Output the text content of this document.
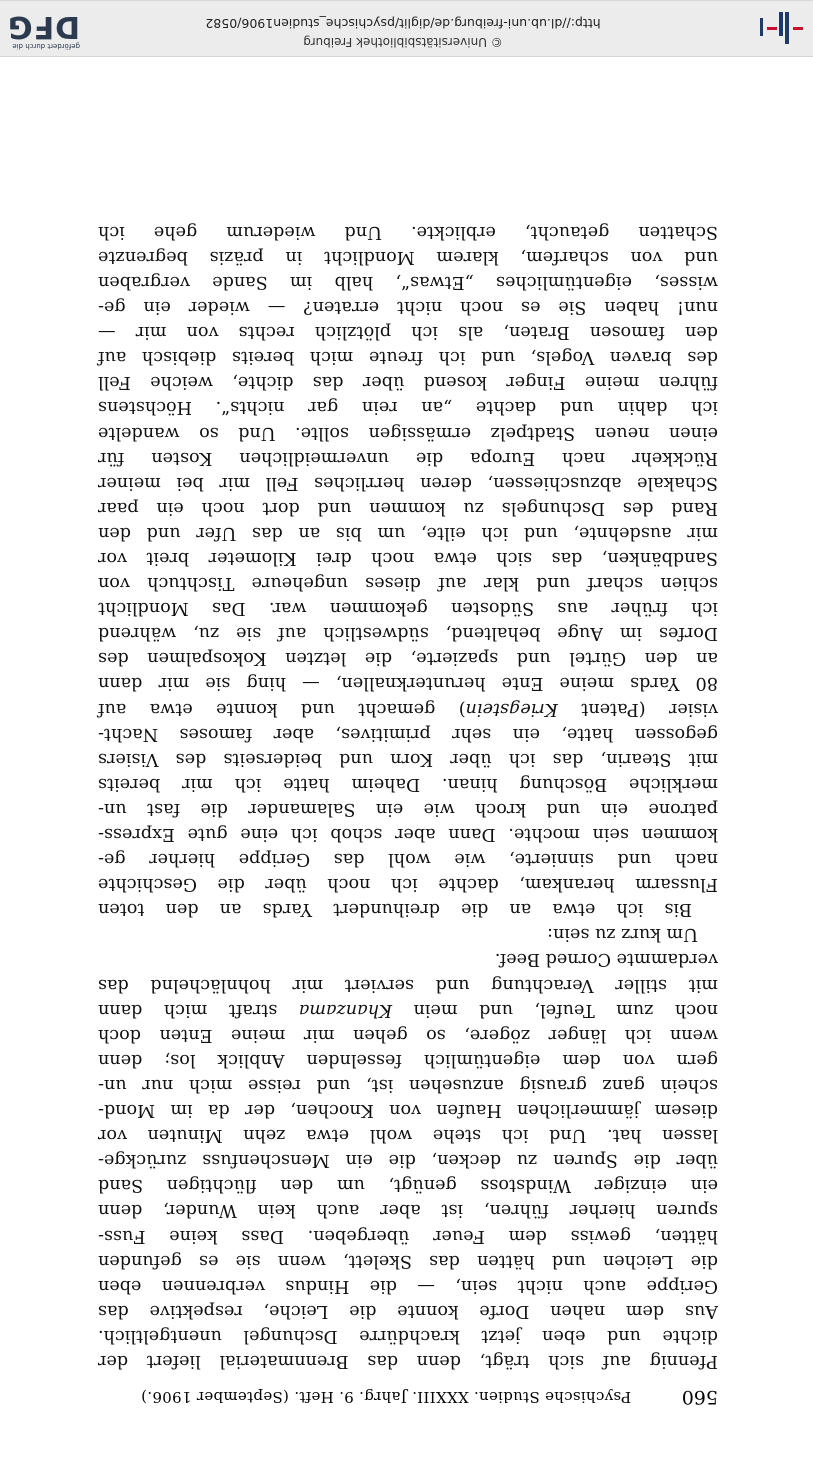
560
Psychische Studien. XXXIII. Jahrg. 9. Heft. (September 1906.)
Pfennig auf sich trägt, denn das Brennmaterial liefert der
dichte und eben jetzt krachdürre Dschungel unentgeltlich.
Aus dem nahen Dorfe konnte die Leiche, respektive das
Gerippe auch nicht sein, — die Hindus verbrennen eben
die Leichen und hätten das Skelett, wenn sie es gefunden
hätten, gewiss dem Feuer übergeben. Dass keine Fuss-
spuren hierher führen, ist aber auch kein Wunder, denn
ein einziger Windstoss genügt, um den flüchtigen Sand
über die Spuren zu decken, die ein Menschenfuss zurückge-
lassen hat. Und ich stehe wohl etwa zehn Minuten vor
diesem jämmerlichen Haufen von Knochen, der da im Mond-
schein ganz grausig anzusehen ist, und reisse mich nur un-
gern von dem eigentümlich fesselnden Anblick los; denn
wenn ich länger zögere, so gehen mir meine Enten doch
noch zum Teufel, und mein Khanzama straft mich dann
mit stiller Verachtung und serviert mir hohnlächelnd das
verdammte Corned Beef.
Um kurz zu sein:
Bis ich etwa an die dreihundert Yards an den toten
Flussarm herankam, dachte ich noch über die Geschichte
nach und sinnierte, wie wohl das Gerippe hierher ge-
kommen sein mochte. Dann aber schob ich eine gute Express-
patrone ein und kroch wie ein Salamander die fast un-
merkliche Böschung hinan. Daheim hatte ich mir bereits
mit Stearin, das ich über Korn und beiderseits des Visiers
gegossen hatte, ein sehr primitives, aber famoses Nacht-
visier (Patent Kriegstein) gemacht und konnte etwa auf
80 Yards meine Ente herunterknallen, — hing sie mir dann
an den Gürtel und spazierte, die letzten Kokospalmen des
Dorfes im Auge behaltend, südwestlich auf sie zu, während
ich früher aus Südosten gekommen war. Das Mondlicht
schien scharf und klar auf dieses ungeheure Tischtuch von
Sandbänken, das sich etwa noch drei Kilometer breit vor
mir ausdehnte, und ich eilte, um bis an das Ufer und den
Rand des Dschungels zu kommen und dort noch ein paar
Schakale abzuschiessen, deren herrliches Fell mir bei meiner
Rückkehr nach Europa die unvermeidlichen Kosten für
einen neuen Stadtpelz ermässigen sollte. Und so wandelte
ich dahin und dachte „an rein gar nichts“. Höchstens
führen meine Finger kosend über das dichte, weiche Fell
des braven Vogels, und ich freute mich bereits diebisch auf
den famosen Braten, als ich plötzlich rechts von mir —
nun! haben Sie es noch nicht erraten? — wieder ein ge-
wisses, eigentümliches „Etwas“, halb im Sande vergraben
und von scharfem, klarem Mondlicht in präzis begrenzte
Schatten getaucht, erblickte. Und wiederum gehe ich
© Universitätsbibliothek Freiburg
http://dl.ub.uni-freiburg.de/diglit/psychische_studien1906/0582
gefördert durch die
DFG
